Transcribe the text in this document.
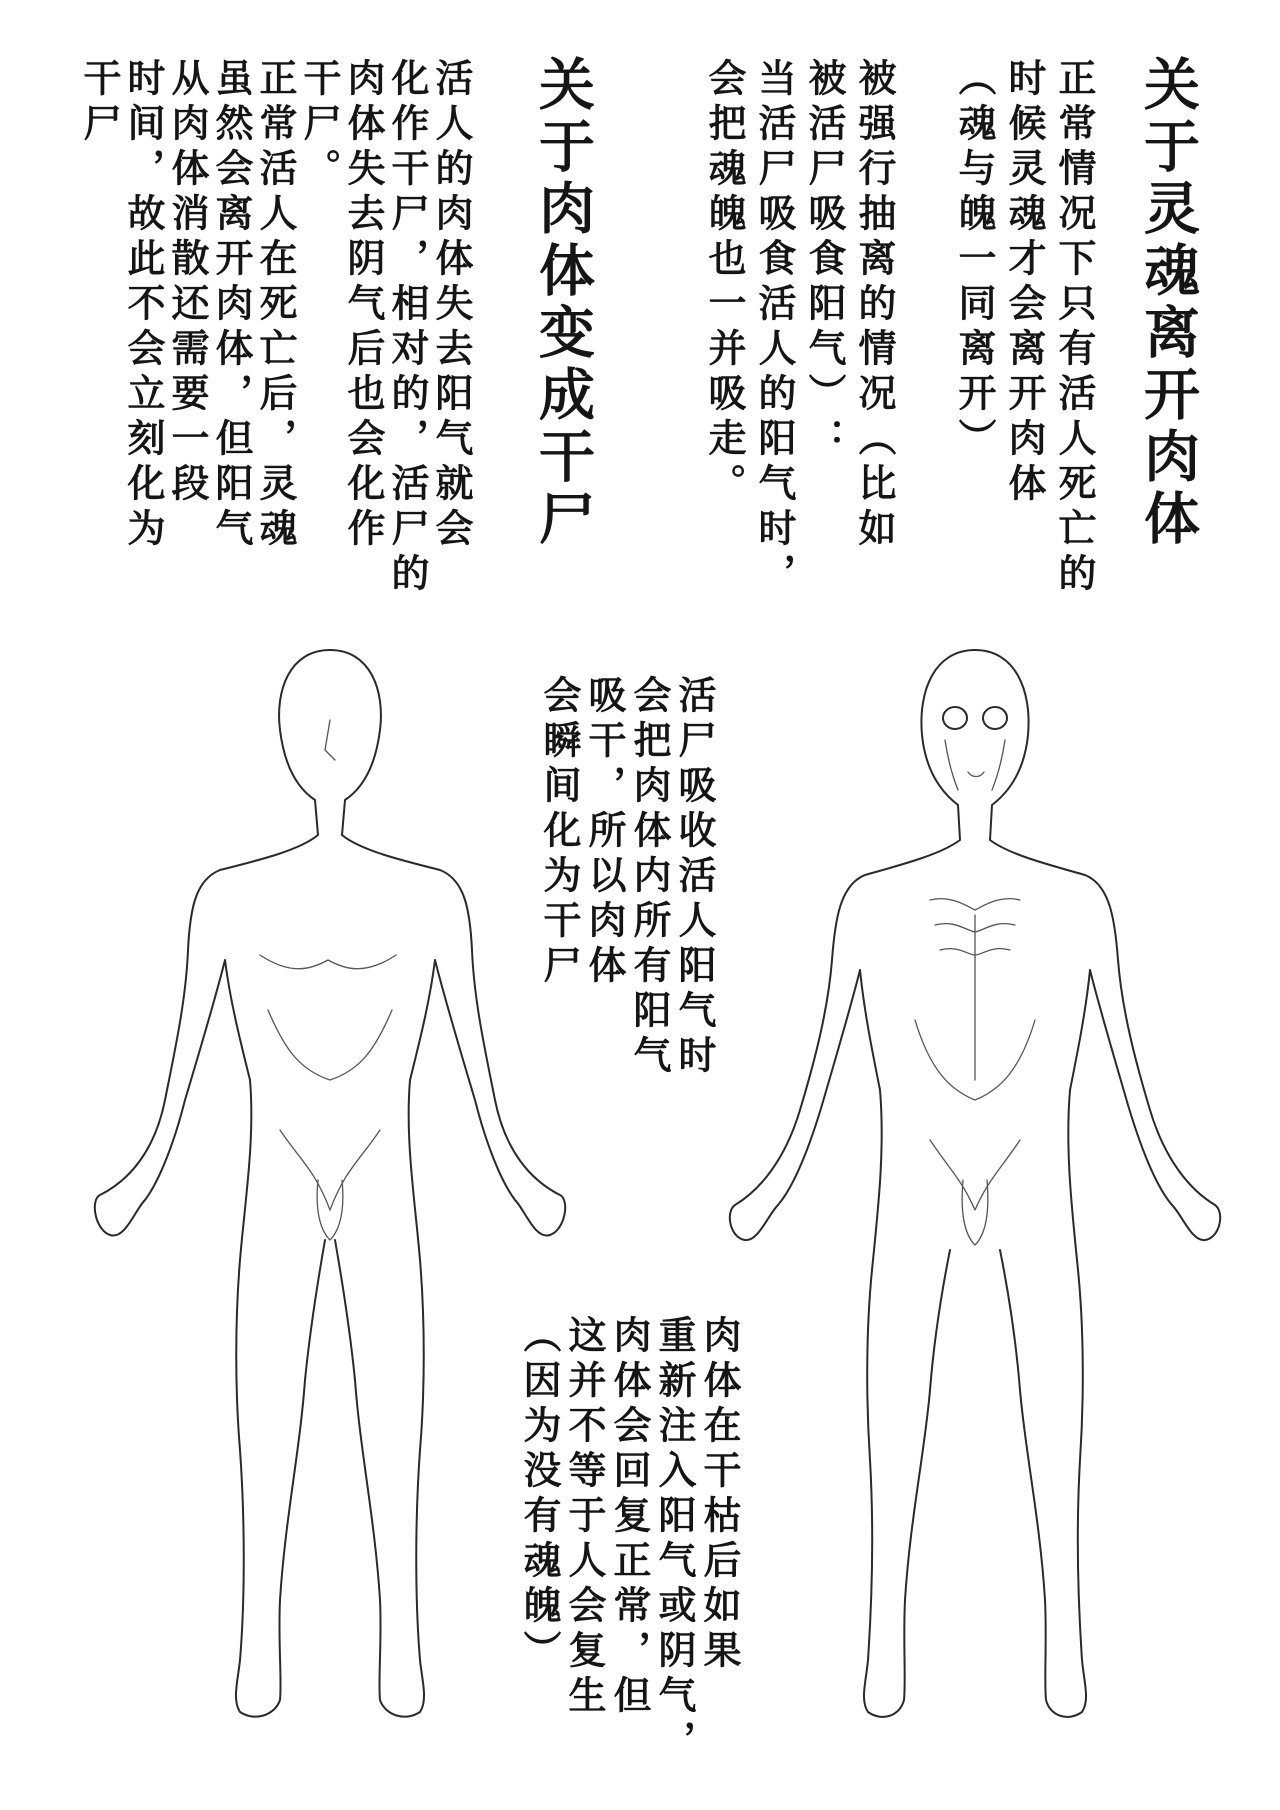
关于灵魂离开肉体
正常情况下只有活人死亡的
时候灵魂才会离开肉体
（魂与魄一同离开）
被强行抽离的情况（比如
被活尸吸食阳气）：
当活尸吸食活人的阳气时，
会把魂魄也一并吸走。
关于肉体变成干尸
活人的肉体失去阳气就会
化作干尸，相对的，活尸的
肉体失去阴气后也会化作
干尸。
正常活人在死亡后，灵魂
虽然会离开肉体，但阳气
从肉体消散还需要一段
时间，故此不会立刻化为
干尸
活尸吸收活人阳气时
会把肉体内所有阳气
吸干，所以肉体
会瞬间化为干尸
肉体在干枯后如果
重新注入阳气或阴气，
肉体会回复正常，但
这并不等于人会复生
（因为没有魂魄）
